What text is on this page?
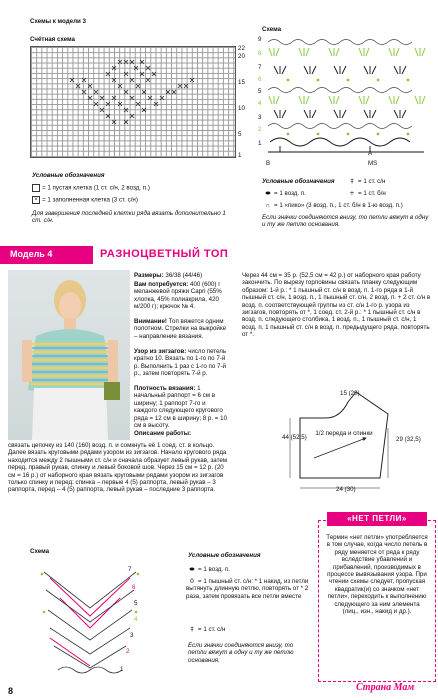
Схемы к модели 3
Счётная схема
22
20
15
10
5
1
Условные обозначения
= 1 пустая клетка (1 ст. с/н, 2 возд. п.)
× = 1 заполненная клетка (3 ст. с/н)
Для завершения последней клетки ряда вязать дополнительно 1 ст. с/н.
Схема
9
8
7
6
5
4
3
2
1
В	МS
А
Условные обозначения
⬬ = 1 возд. п.	+ = 1 ст. б/н
ဂ = 1 «пико» (3 возд. п., 1 ст. б/н в 1-ю возд. п.)
‡ = 1 ст. с/н
Если значки соединяются внизу, то петли вяжут в одну и ту же петлю основания.
Модель 4	РАЗНОЦВЕТНЫЙ ТОП
Размеры: 36/38 (44/46)
Вам потребуется: 400 (600) г меланжевой пряжи Capri (55% хлопка, 45% полиакрила, 420 м/200 г); крючок № 4.
Внимание! Топ вяжется одним полотном. Стрелки на выкройке – направление вязания.
Узор из зигзагов: число петель кратно 10. Вязать по 1-го по 7-й р. Выполнить 1 раз с 1-го по 7-й р., затем повторять 7-й р.
Плотность вязания: 1 начальный раппорт = 6 см в ширину; 1 раппорт 7-го и каждого следующего кругового ряда = 12 см в ширину; 8 р. = 10 см в высоту.
Описание работы:
связать цепочку из 140 (160) возд. п. и сомкнуть её 1 соед. ст. в кольцо. Далее вязать круговыми рядами узором из зигзагов. Начало кругового ряда находится между 2 пышными ст. с/н и сначала образует левый рукав, затем перед, правый рукав, спинку и левый боковой шов. Через 15 см = 12 р. (20 см = 16 р.) от наборного края вязать круговыми рядами узором из зигзагов только спинку и перед: спинка – первые 4 (5) раппорта, левый рукав – 3 раппорта, перед – 4 (5) раппорта, левый рукав – последние 3 раппорта.
Через 44 см = 35 р. (52,5 см = 42 р.) от наборного края работу закончить. По вырезу горловины связать планку следующим образом: 1-й р.: * 1 пышный ст. с/н в возд. п. 1-го ряда в 1-й пышный ст. с/н, 1 возд. п., 1 пышный ст. с/н, 2 возд. п. + 2 ст. с/н в возд. п. соответствующей группы из ст. с/н 1-го р. узора из зигзагов, повторять от *, 1 соед. ст. 2-й р.: * 1 пышный ст. с/н в возд. п. следующего столбика, 1 возд. п., 1 пышный ст. с/н, 1 возд. п. 1 пышный ст. с/н в возд. п. предыдущего ряда, повторять от *.
15 (20)
1/2 переда и спинки
44 (52,5)	29 (32,5)
24 (30)
Схема
7
6
5
4
3
2
1
Условные обозначения
⬬ = 1 возд. п.
0 = 1 пышный ст. с/н: * 1 накид, из петли вытянуть длинную петлю, повторять от * 2 раза, затем провязать все петли вместе
‡ = 1 ст. с/н
Если значки соединяются внизу, то петли вяжут в одну и ту же петлю основания.
«НЕТ ПЕТЛИ»
Термин «нет петли» употребляется в том случае, когда число петель в ряду меняется от ряда к ряду вследствие убавлений и прибавлений, производимых в процессе вывязывания узора. При чтении схемы следует, пропуская квадратик(и) со значком «нет петли», переходить к выполнению следующего за ним элемента (лиц., изн., накид и др.).
8	Страна Мам
